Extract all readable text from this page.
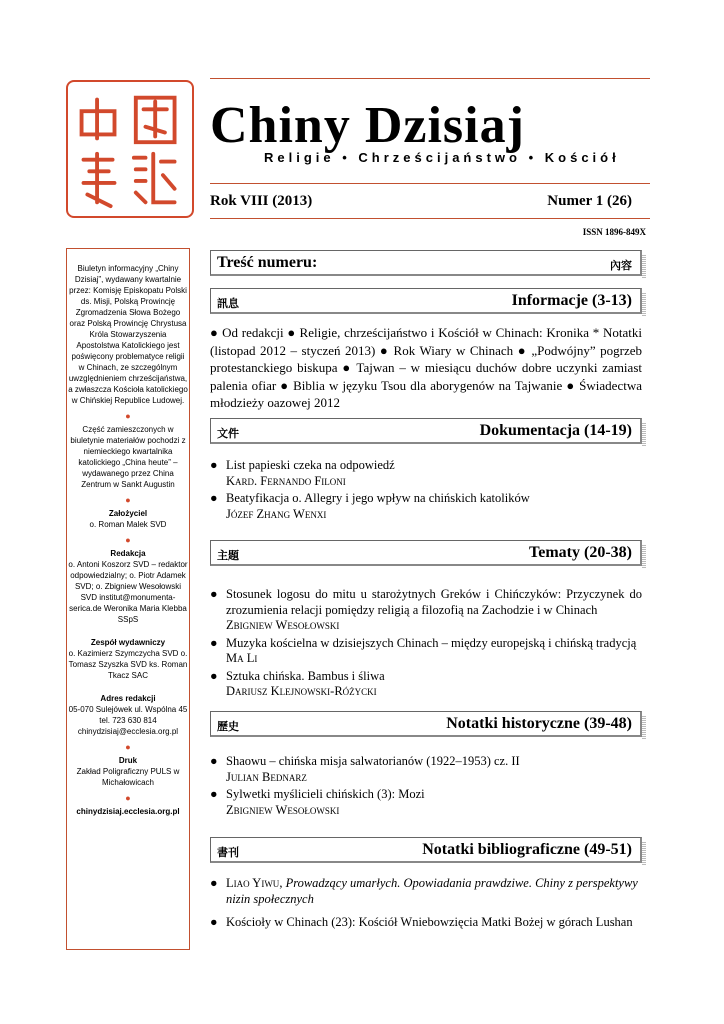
Chiny Dzisiaj
Religie • Chrześcijaństwo • Kościół
Rok VIII (2013)	Numer 1 (26)
ISSN 1896-849X
Biuletyn informacyjny „Chiny Dzisiaj”, wydawany kwartalnie przez: Komisję Episkopatu Polski ds. Misji, Polską Prowincję Zgromadzenia Słowa Bożego oraz Polską Prowincję Chrystusa Króla Stowarzyszenia Apostolstwa Katolickiego jest poświęcony problematyce religii w Chinach, ze szczególnym uwzględnieniem chrześcijaństwa, a zwłaszcza Kościoła katolickiego w Chińskiej Republice Ludowej.
●
Część zamieszczonych w biuletynie materiałów pochodzi z niemieckiego kwartalnika katolickiego „China heute” – wydawanego przez China Zentrum w Sankt Augustin
●
Założyciel
o. Roman Malek SVD
●
Redakcja
o. Antoni Koszorz SVD – redaktor odpowiedzialny; o. Piotr Adamek SVD; o. Zbigniew Wesołowski SVD institut@monumenta-serica.de Weronika Maria Klebba SSpS
Zespół wydawniczy
o. Kazimierz Szymczycha SVD o. Tomasz Szyszka SVD ks. Roman Tkacz SAC
Adres redakcji
05-070 Sulejówek ul. Wspólna 45 tel. 723 630 814 chinydzisiaj@ecclesia.org.pl
●
Druk
Zakład Poligraficzny PULS w Michałowicach
●
chinydzisiaj.ecclesia.org.pl
Treść numeru:	內容
訊息	Informacje (3-13)
● Od redakcji ● Religie, chrześcijaństwo i Kościół w Chinach: Kronika * Notatki (listopad 2012 – styczeń 2013) ● Rok Wiary w Chinach ● „Podwójny” pogrzeb protestanckiego biskupa ● Tajwan – w miesiącu duchów dobre uczynki zamiast palenia ofiar ● Biblia w języku Tsou dla aborygenów na Tajwanie ● Świadectwa młodzieży oazowej 2012
文件	Dokumentacja (14-19)
● List papieski czeka na odpowiedź
Kard. Fernando Filoni
● Beatyfikacja o. Allegry i jego wpływ na chińskich katolików
Józef Zhang Wenxi
主題	Tematy (20-38)
● Stosunek logosu do mitu u starożytnych Greków i Chińczyków: Przyczynek do zrozumienia relacji pomiędzy religią a filozofią na Zachodzie i w Chinach
Zbigniew Wesołowski
● Muzyka kościelna w dzisiejszych Chinach – między europejską i chińską tradycją
Ma Li
● Sztuka chińska. Bambus i śliwa
Dariusz Klejnowski-Różycki
歷史	Notatki historyczne (39-48)
● Shaowu – chińska misja salwatorianów (1922–1953) cz. II
Julian Bednarz
● Sylwetki myślicieli chińskich (3): Mozi
Zbigniew Wesołowski
書刊	Notatki bibliograficzne (49-51)
● Liao Yiwu, Prowadzący umarłych. Opowiadania prawdziwe. Chiny z perspektywy nizin społecznych
● Kościoły w Chinach (23): Kościół Wniebowzięcia Matki Bożej w górach Lushan
